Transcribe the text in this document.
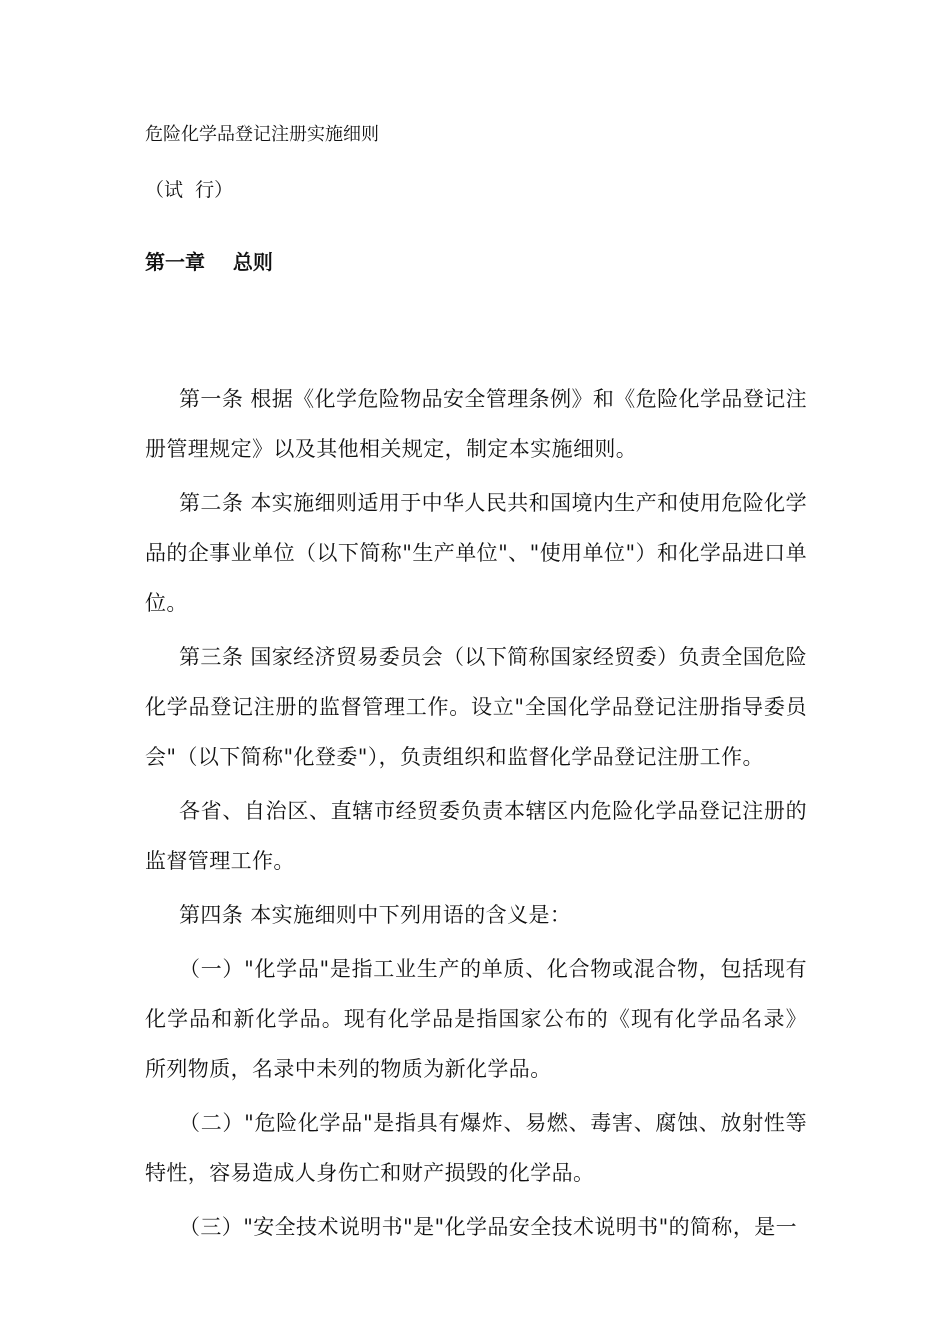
危险化学品登记注册实施细则
（试  行）
第一章    总则

第一条 根据《化学危险物品安全管理条例》和《危险化学品登记注册管理规定》以及其他相关规定，制定本实施细则。

第二条 本实施细则适用于中华人民共和国境内生产和使用危险化学品的企事业单位（以下简称"生产单位"、"使用单位"）和化学品进口单位。

第三条 国家经济贸易委员会（以下简称国家经贸委）负责全国危险化学品登记注册的监督管理工作。设立"全国化学品登记注册指导委员会"（以下简称"化登委"），负责组织和监督化学品登记注册工作。

各省、自治区、直辖市经贸委负责本辖区内危险化学品登记注册的监督管理工作。

第四条 本实施细则中下列用语的含义是：

（一）"化学品"是指工业生产的单质、化合物或混合物，包括现有化学品和新化学品。现有化学品是指国家公布的《现有化学品名录》所列物质，名录中未列的物质为新化学品。

（二）"危险化学品"是指具有爆炸、易燃、毒害、腐蚀、放射性等特性，容易造成人身伤亡和财产损毁的化学品。

（三）"安全技术说明书"是"化学品安全技术说明书"的简称，是一
